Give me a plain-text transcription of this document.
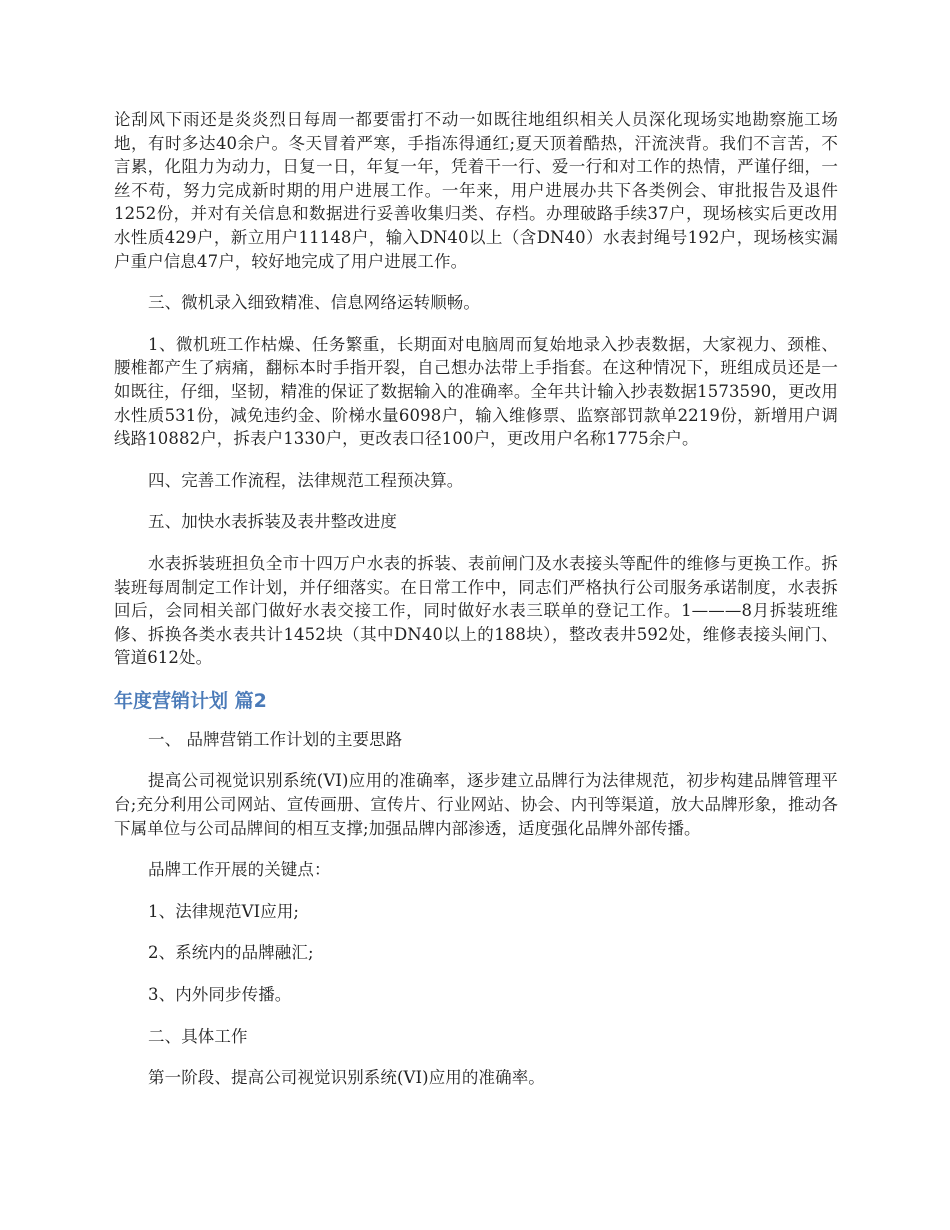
论刮风下雨还是炎炎烈日每周一都要雷打不动一如既往地组织相关人员深化现场实地勘察施工场地，有时多达40余户。冬天冒着严寒，手指冻得通红;夏天顶着酷热，汗流浃背。我们不言苦，不言累，化阻力为动力，日复一日，年复一年，凭着干一行、爱一行和对工作的热情，严谨仔细，一丝不苟，努力完成新时期的用户进展工作。一年来，用户进展办共下各类例会、审批报告及退件1252份，并对有关信息和数据进行妥善收集归类、存档。办理破路手续37户，现场核实后更改用水性质429户，新立用户11148户，输入DN40以上（含DN40）水表封绳号192户，现场核实漏户重户信息47户，较好地完成了用户进展工作。

三、微机录入细致精准、信息网络运转顺畅。

1、微机班工作枯燥、任务繁重，长期面对电脑周而复始地录入抄表数据，大家视力、颈椎、腰椎都产生了病痛，翻标本时手指开裂，自己想办法带上手指套。在这种情况下，班组成员还是一如既往，仔细，坚韧，精准的保证了数据输入的准确率。全年共计输入抄表数据1573590，更改用水性质531份，减免违约金、阶梯水量6098户，输入维修票、监察部罚款单2219份，新增用户调线路10882户，拆表户1330户，更改表口径100户，更改用户名称1775余户。

四、完善工作流程，法律规范工程预决算。

五、加快水表拆装及表井整改进度

水表拆装班担负全市十四万户水表的拆装、表前闸门及水表接头等配件的维修与更换工作。拆装班每周制定工作计划，并仔细落实。在日常工作中，同志们严格执行公司服务承诺制度，水表拆回后，会同相关部门做好水表交接工作，同时做好水表三联单的登记工作。1———8月拆装班维修、拆换各类水表共计1452块（其中DN40以上的188块），整改表井592处，维修表接头闸门、管道612处。

年度营销计划 篇2

一、 品牌营销工作计划的主要思路

提高公司视觉识别系统(VI)应用的准确率，逐步建立品牌行为法律规范，初步构建品牌管理平台;充分利用公司网站、宣传画册、宣传片、行业网站、协会、内刊等渠道，放大品牌形象，推动各下属单位与公司品牌间的相互支撑;加强品牌内部渗透，适度强化品牌外部传播。

品牌工作开展的关键点：

1、法律规范VI应用;

2、系统内的品牌融汇;

3、内外同步传播。

二、具体工作

第一阶段、提高公司视觉识别系统(VI)应用的准确率。
